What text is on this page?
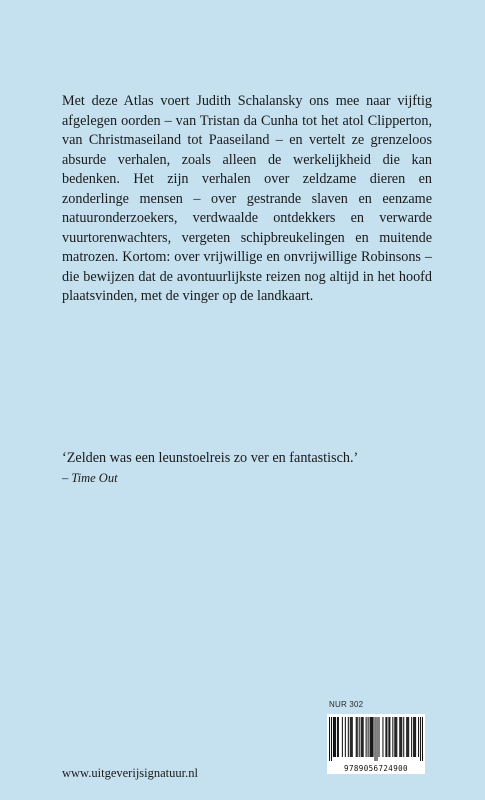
Met deze Atlas voert Judith Schalansky ons mee naar vijftig afgelegen oorden – van Tristan da Cunha tot het atol Clipperton, van Christmaseiland tot Paaseiland – en vertelt ze grenzeloos absurde verhalen, zoals alleen de werkelijkheid die kan bedenken. Het zijn verhalen over zeldzame dieren en zonderlinge mensen – over gestrande slaven en eenzame natuuronderzoekers, verdwaalde ontdekkers en verwarde vuurtorenwachters, vergeten schipbreukelingen en muitende matrozen. Kortom: over vrijwillige en onvrijwillige Robinsons – die bewijzen dat de avontuurlijkste reizen nog altijd in het hoofd plaatsvinden, met de vinger op de landkaart.

‘Zelden was een leunstoelreis zo ver en fantastisch.’
– Time Out
NUR 302
9789056724900
www.uitgeverijsignatuur.nl
